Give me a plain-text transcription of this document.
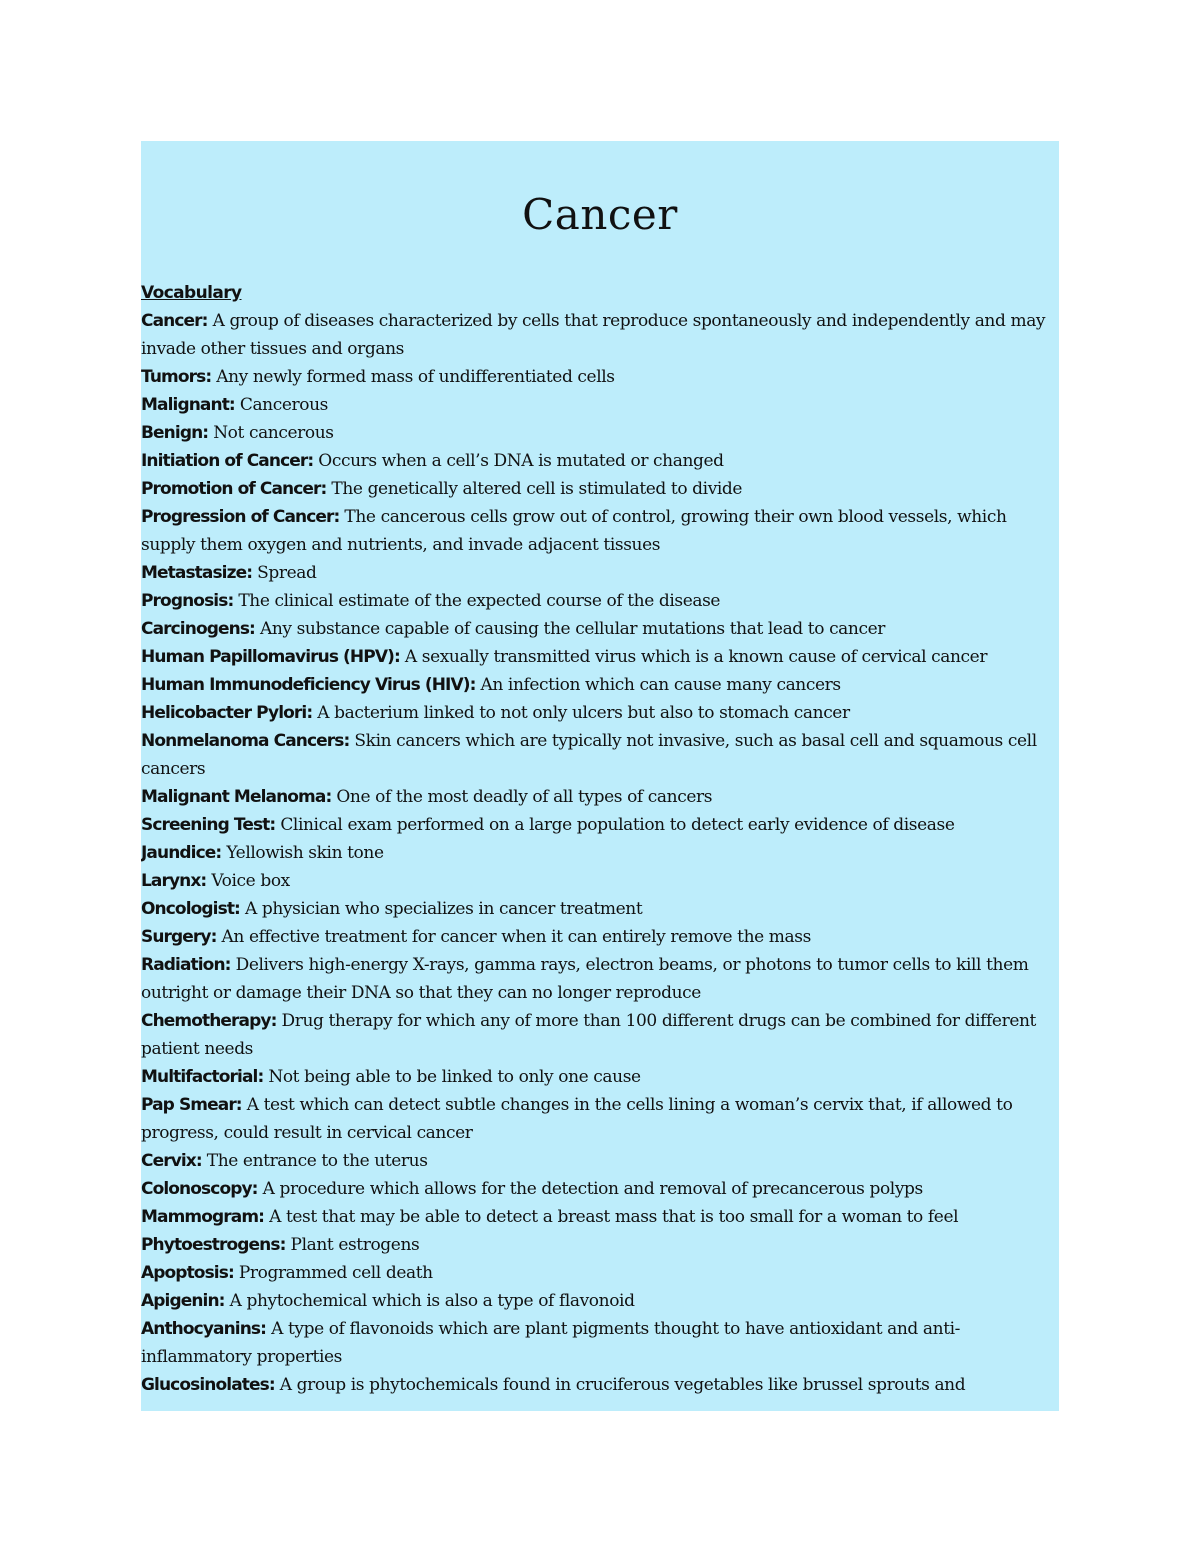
Cancer
Vocabulary
Cancer: A group of diseases characterized by cells that reproduce spontaneously and independently and may invade other tissues and organs
Tumors: Any newly formed mass of undifferentiated cells
Malignant: Cancerous
Benign: Not cancerous
Initiation of Cancer: Occurs when a cell’s DNA is mutated or changed
Promotion of Cancer: The genetically altered cell is stimulated to divide
Progression of Cancer: The cancerous cells grow out of control, growing their own blood vessels, which supply them oxygen and nutrients, and invade adjacent tissues
Metastasize: Spread
Prognosis: The clinical estimate of the expected course of the disease
Carcinogens: Any substance capable of causing the cellular mutations that lead to cancer
Human Papillomavirus (HPV): A sexually transmitted virus which is a known cause of cervical cancer
Human Immunodeficiency Virus (HIV): An infection which can cause many cancers
Helicobacter Pylori: A bacterium linked to not only ulcers but also to stomach cancer
Nonmelanoma Cancers: Skin cancers which are typically not invasive, such as basal cell and squamous cell cancers
Malignant Melanoma: One of the most deadly of all types of cancers
Screening Test: Clinical exam performed on a large population to detect early evidence of disease
Jaundice: Yellowish skin tone
Larynx: Voice box
Oncologist: A physician who specializes in cancer treatment
Surgery: An effective treatment for cancer when it can entirely remove the mass
Radiation: Delivers high-energy X-rays, gamma rays, electron beams, or photons to tumor cells to kill them outright or damage their DNA so that they can no longer reproduce
Chemotherapy: Drug therapy for which any of more than 100 different drugs can be combined for different patient needs
Multifactorial: Not being able to be linked to only one cause
Pap Smear: A test which can detect subtle changes in the cells lining a woman’s cervix that, if allowed to progress, could result in cervical cancer
Cervix: The entrance to the uterus
Colonoscopy: A procedure which allows for the detection and removal of precancerous polyps
Mammogram: A test that may be able to detect a breast mass that is too small for a woman to feel
Phytoestrogens: Plant estrogens
Apoptosis: Programmed cell death
Apigenin: A phytochemical which is also a type of flavonoid
Anthocyanins: A type of flavonoids which are plant pigments thought to have antioxidant and anti-inflammatory properties
Glucosinolates: A group is phytochemicals found in cruciferous vegetables like brussel sprouts and
